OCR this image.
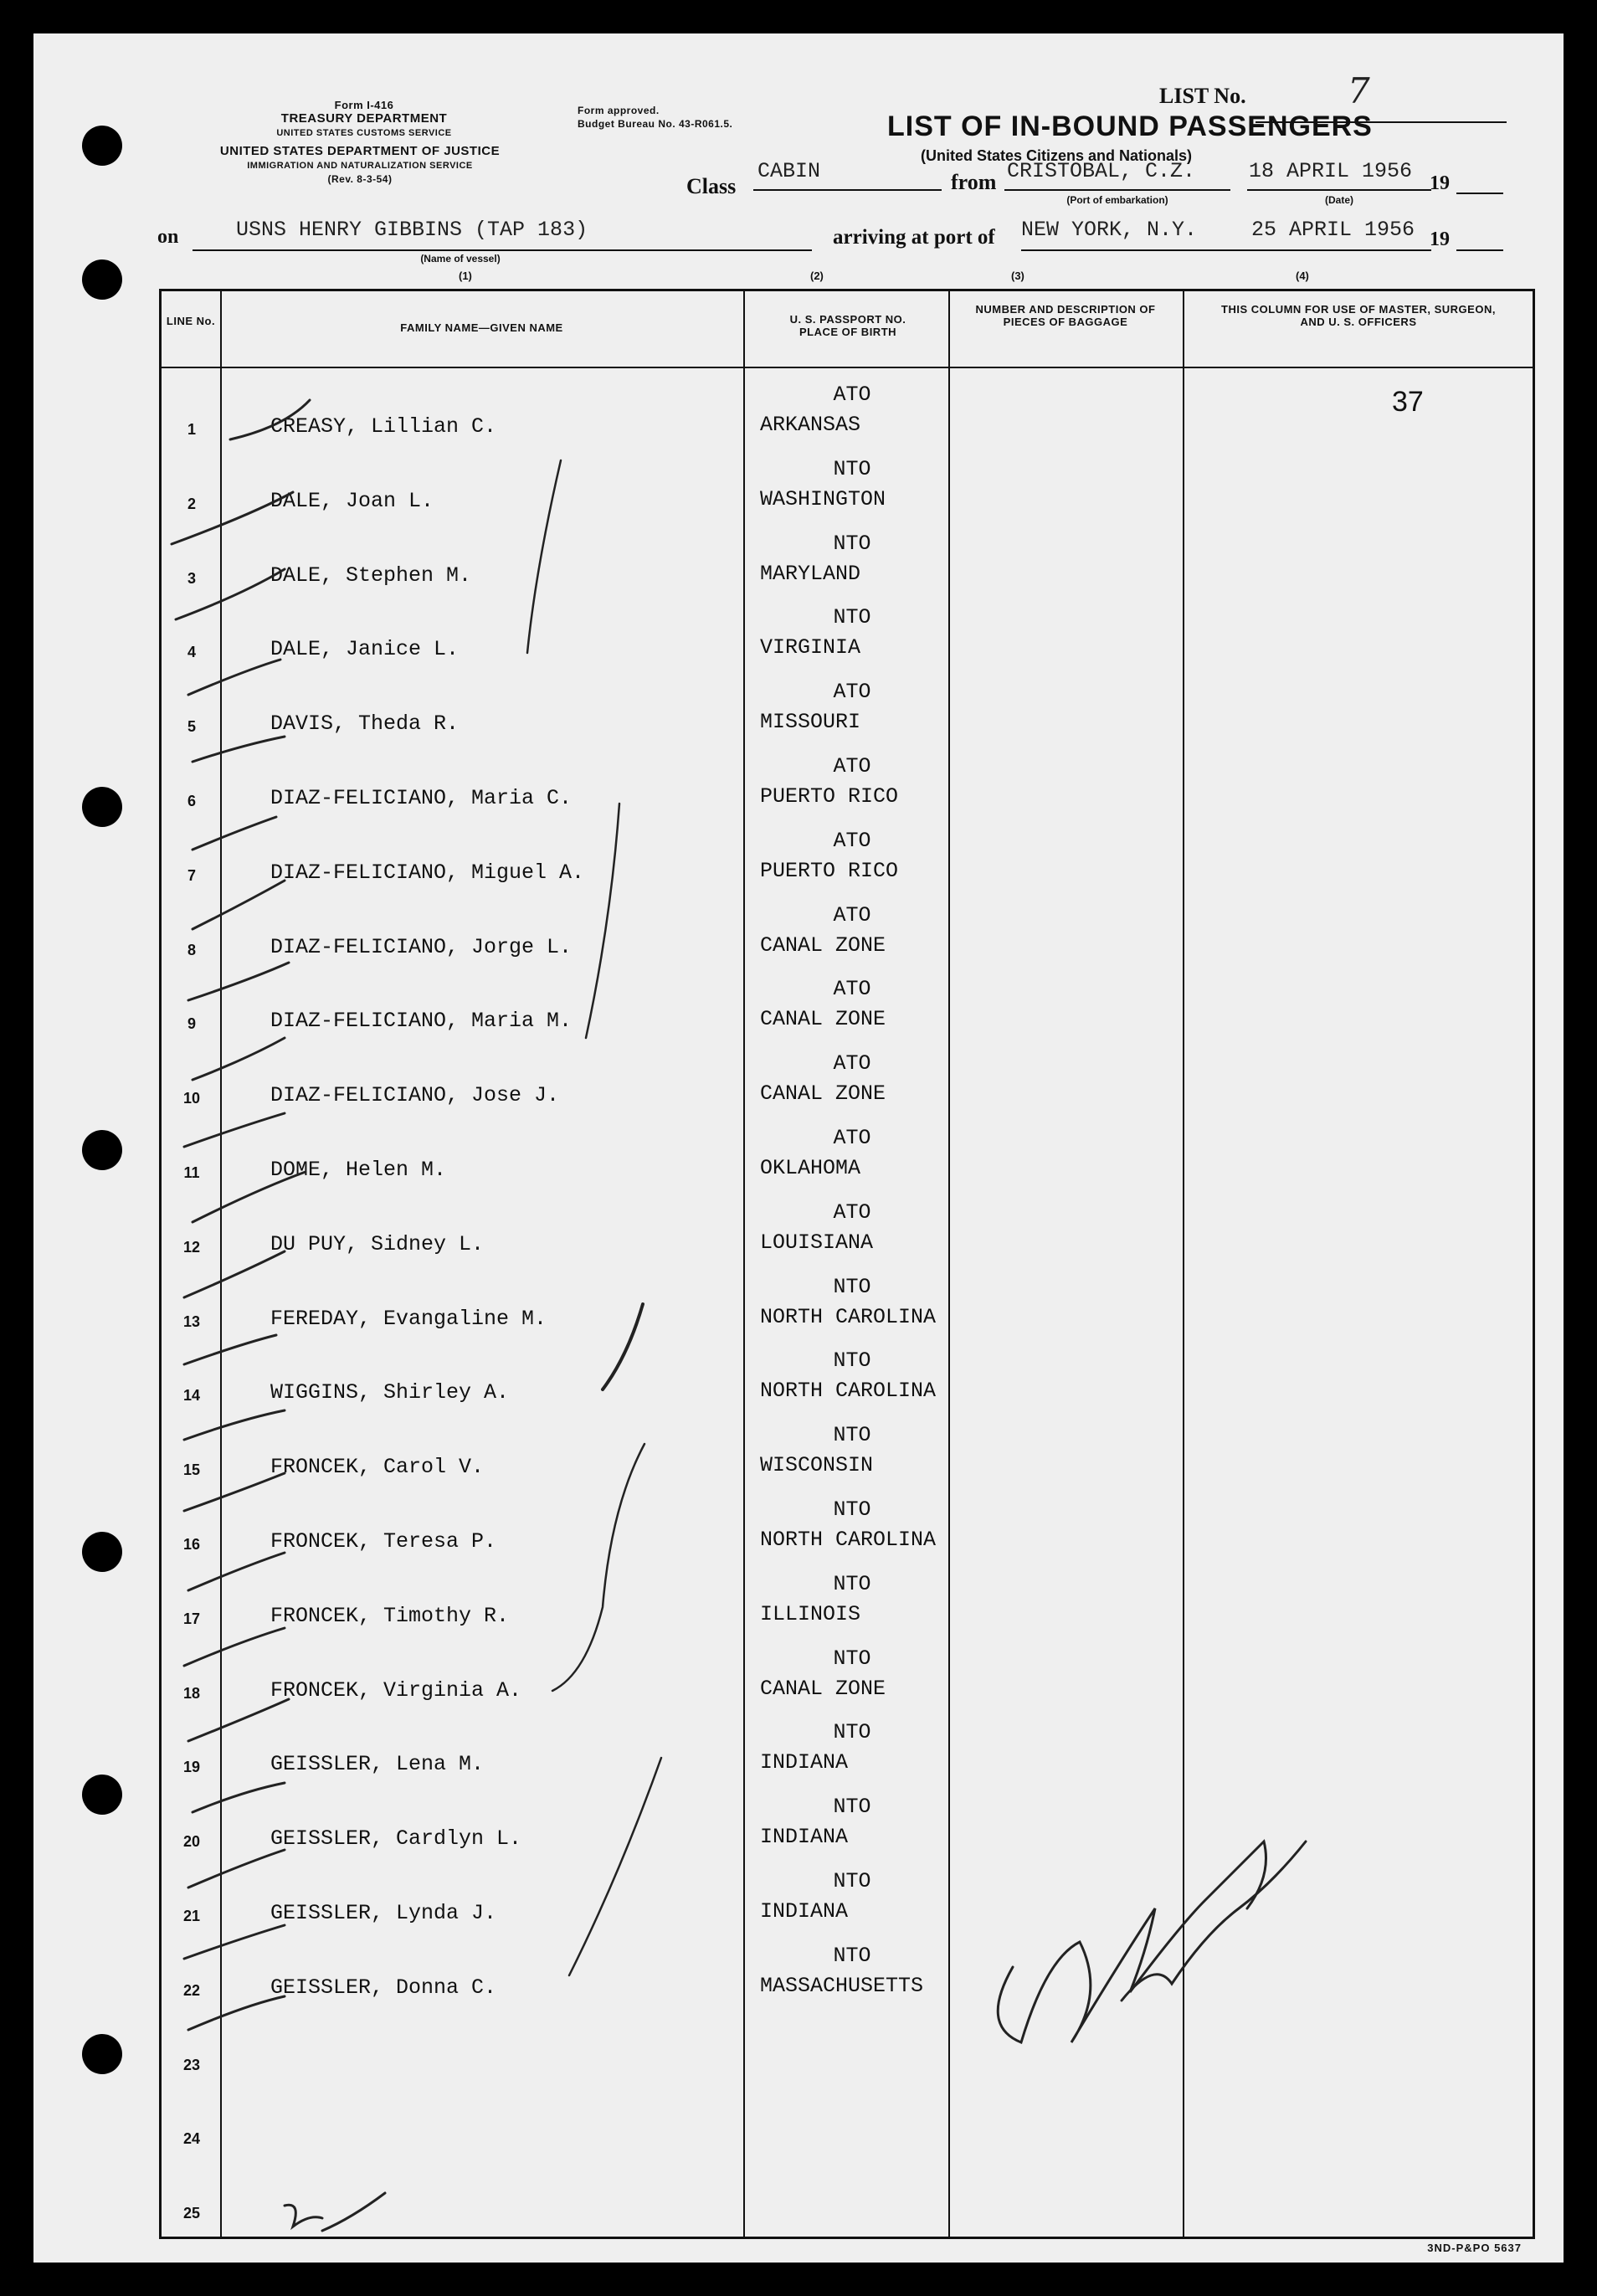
Form I-416
TREASURY DEPARTMENT
UNITED STATES CUSTOMS SERVICE
UNITED STATES DEPARTMENT OF JUSTICE
IMMIGRATION AND NATURALIZATION SERVICE
(Rev. 8-3-54)
Form approved.
Budget Bureau No. 43-R061.5.
LIST No.	7
LIST OF IN-BOUND PASSENGERS
(United States Citizens and Nationals)
Class
CABIN	from CRISTOBAL, C.Z.
(Port of embarkation)
18 APRIL 1956
(Date)
19
on	USNS HENRY GIBBINS (TAP 183)
(Name of vessel)
arriving at port of NEW YORK, N.Y.	25 APRIL 1956 19
(1)	(2)	(3)	(4)
LINE No.
FAMILY NAME—GIVEN NAME
U. S. PASSPORT NO. PLACE OF BIRTH
NUMBER AND DESCRIPTION OF PIECES OF BAGGAGE
THIS COLUMN FOR USE OF MASTER, SURGEON, AND U. S. OFFICERS
1	CREASY, Lillian C.
ATO
ARKANSAS
37
2	DALE, Joan L.
NTO
WASHINGTON
3	DALE, Stephen M.
NTO
MARYLAND
4	DALE, Janice L.
NTO
VIRGINIA
5	DAVIS, Theda R.
ATO
MISSOURI
6	DIAZ-FELICIANO, Maria C.
ATO
PUERTO RICO
7	DIAZ-FELICIANO, Miguel A.
ATO
PUERTO RICO
8	DIAZ-FELICIANO, Jorge L.
ATO
CANAL ZONE
9	DIAZ-FELICIANO, Maria M.
ATO
CANAL ZONE
10	DIAZ-FELICIANO, Jose J.
ATO
CANAL ZONE
11	DOME, Helen M.
ATO
OKLAHOMA
12	DU PUY, Sidney L.
ATO
LOUISIANA
13	FEREDAY, Evangaline M.
NTO
NORTH CAROLINA
14	WIGGINS, Shirley A.
NTO
NORTH CAROLINA
15	FRONCEK, Carol V.
NTO
WISCONSIN
16	FRONCEK, Teresa P.
NTO
NORTH CAROLINA
17	FRONCEK, Timothy R.
NTO
ILLINOIS
18	FRONCEK, Virginia A.
NTO
CANAL ZONE
19	GEISSLER, Lena M.
NTO
INDIANA
20	GEISSLER, Cardlyn L.
NTO
INDIANA
21	GEISSLER, Lynda J.
NTO
INDIANA
22	GEISSLER, Donna C.
NTO
MASSACHUSETTS
23
24
25
3ND-P&PO 5637
